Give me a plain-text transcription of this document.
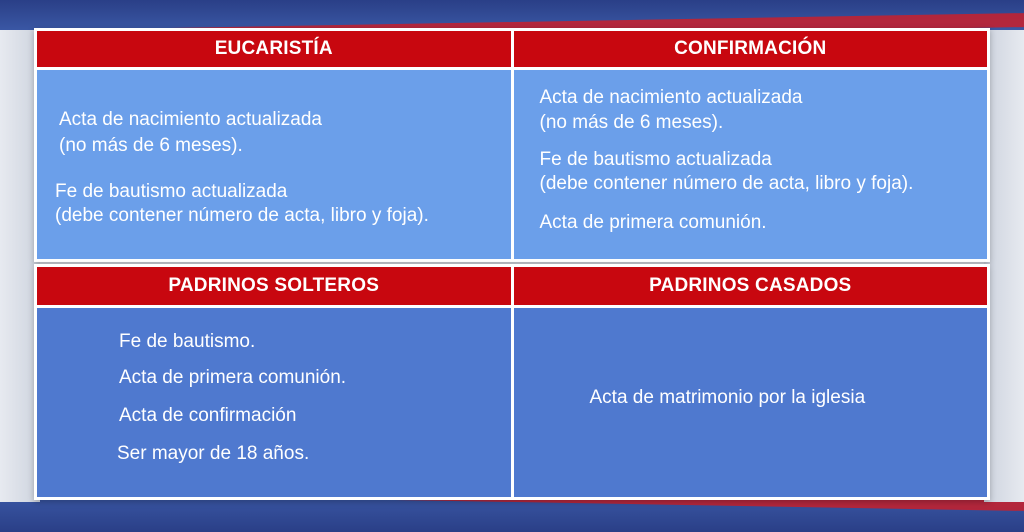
EUCARISTÍA	CONFIRMACIÓN
Acta de nacimiento actualizada
(no más de 6 meses).
Fe de bautismo actualizada
(debe contener número de acta, libro y foja).
Acta de nacimiento actualizada
(no más de 6 meses).
Fe de bautismo actualizada
(debe contener número de acta, libro y foja).
Acta de primera comunión.
PADRINOS SOLTEROS	PADRINOS CASADOS
Fe de bautismo.
Acta de primera comunión.
Acta de confirmación
Ser mayor de 18 años.
Acta de matrimonio por la iglesia
